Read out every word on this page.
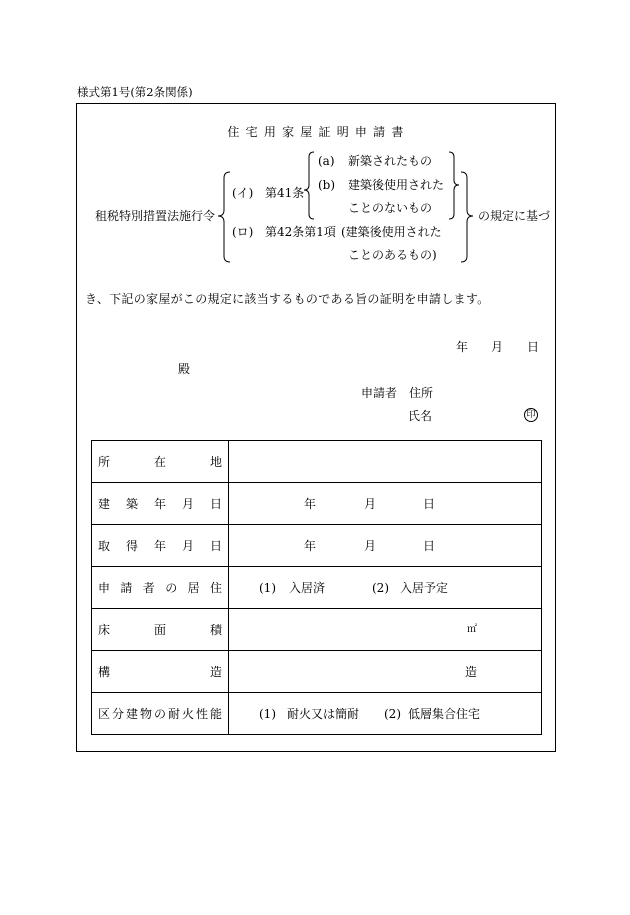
様式第1号(第2条関係)
住 宅 用 家 屋 証 明 申 請 書
租税特別措置法施行令
(イ) 第41条
(a) 新築されたもの
(b) 建築後使用された
ことのないもの
(ロ) 第42条第1項 (建築後使用された
ことのあるもの)
の規定に基づ
き、下記の家屋がこの規定に該当するものである旨の証明を申請します。
年 月 日
殿
申請者 住所
氏名	印
所在地
建築年月日	年	月	日
取得年月日	年	月	日
申請者の居住	(1) 入居済	(2) 入居予定
床面積	㎡
構造	造
区分建物の耐火性能	(1) 耐火又は簡耐 (2) 低層集合住宅
